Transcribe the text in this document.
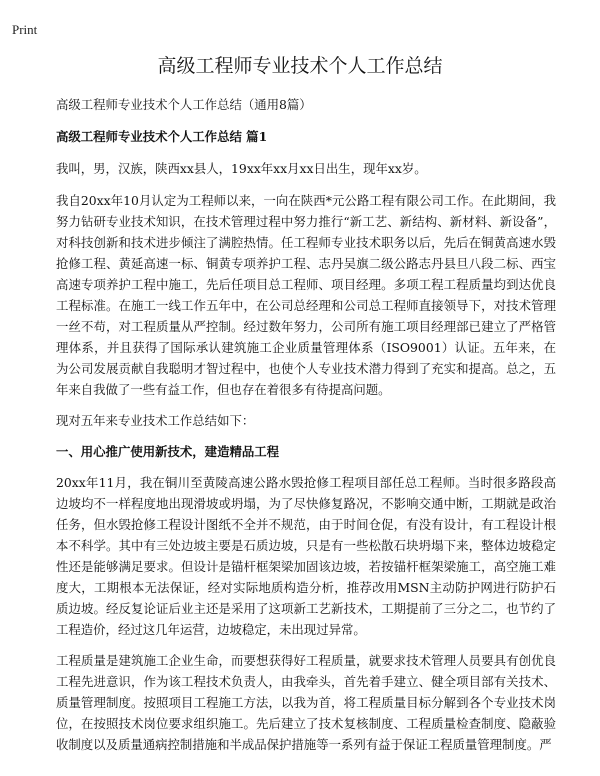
Print
高级工程师专业技术个人工作总结

高级工程师专业技术个人工作总结（通用8篇）

高级工程师专业技术个人工作总结 篇1

我叫，男，汉族，陕西xx县人，19xx年xx月xx日出生，现年xx岁。

我自20xx年10月认定为工程师以来，一向在陕西*元公路工程有限公司工作。在此期间，我努力钻研专业技术知识，在技术管理过程中努力推行“新工艺、新结构、新材料、新设备”，对科技创新和技术进步倾注了满腔热情。任工程师专业技术职务以后，先后在铜黄高速水毁抢修工程、黄延高速一标、铜黄专项养护工程、志丹吴旗二级公路志丹县旦八段二标、西宝高速专项养护工程中施工，先后任项目总工程师、项目经理。多项工程工程质量均到达优良工程标准。在施工一线工作五年中，在公司总经理和公司总工程师直接领导下，对技术管理一丝不苟，对工程质量从严控制。经过数年努力，公司所有施工项目经理部已建立了严格管理体系，并且获得了国际承认建筑施工企业质量管理体系（ISO9001）认证。五年来，在为公司发展贡献自我聪明才智过程中，也使个人专业技术潜力得到了充实和提高。总之，五年来自我做了一些有益工作，但也存在着很多有待提高问题。

现对五年来专业技术工作总结如下：

一、用心推广使用新技术，建造精品工程

20xx年11月，我在铜川至黄陵高速公路水毁抢修工程项目部任总工程师。当时很多路段高边坡均不一样程度地出现滑坡或坍塌，为了尽快修复路况，不影响交通中断，工期就是政治任务，但水毁抢修工程设计图纸不全并不规范，由于时间仓促，有没有设计，有工程设计根本不科学。其中有三处边坡主要是石质边坡，只是有一些松散石块坍塌下来，整体边坡稳定性还是能够满足要求。但设计是锚杆框架梁加固该边坡，若按锚杆框架梁施工，高空施工难度大，工期根本无法保证，经对实际地质构造分析，推荐改用MSN主动防护网进行防护石质边坡。经反复论证后业主还是采用了这项新工艺新技术，工期提前了三分之二，也节约了工程造价，经过这几年运营，边坡稳定，未出现过异常。

工程质量是建筑施工企业生命，而要想获得好工程质量，就要求技术管理人员要具有创优良工程先进意识，作为该工程技术负责人，由我牵头，首先着手建立、健全项目部有关技术、质量管理制度。按照项目工程施工方法，以我为首，将工程质量目标分解到各个专业技术岗位，在按照技术岗位要求组织施工。先后建立了技术复核制度、工程质量检查制度、隐蔽验收制度以及质量通病控制措施和半成品保护措施等一系列有益于保证工程质量管理制度。严
